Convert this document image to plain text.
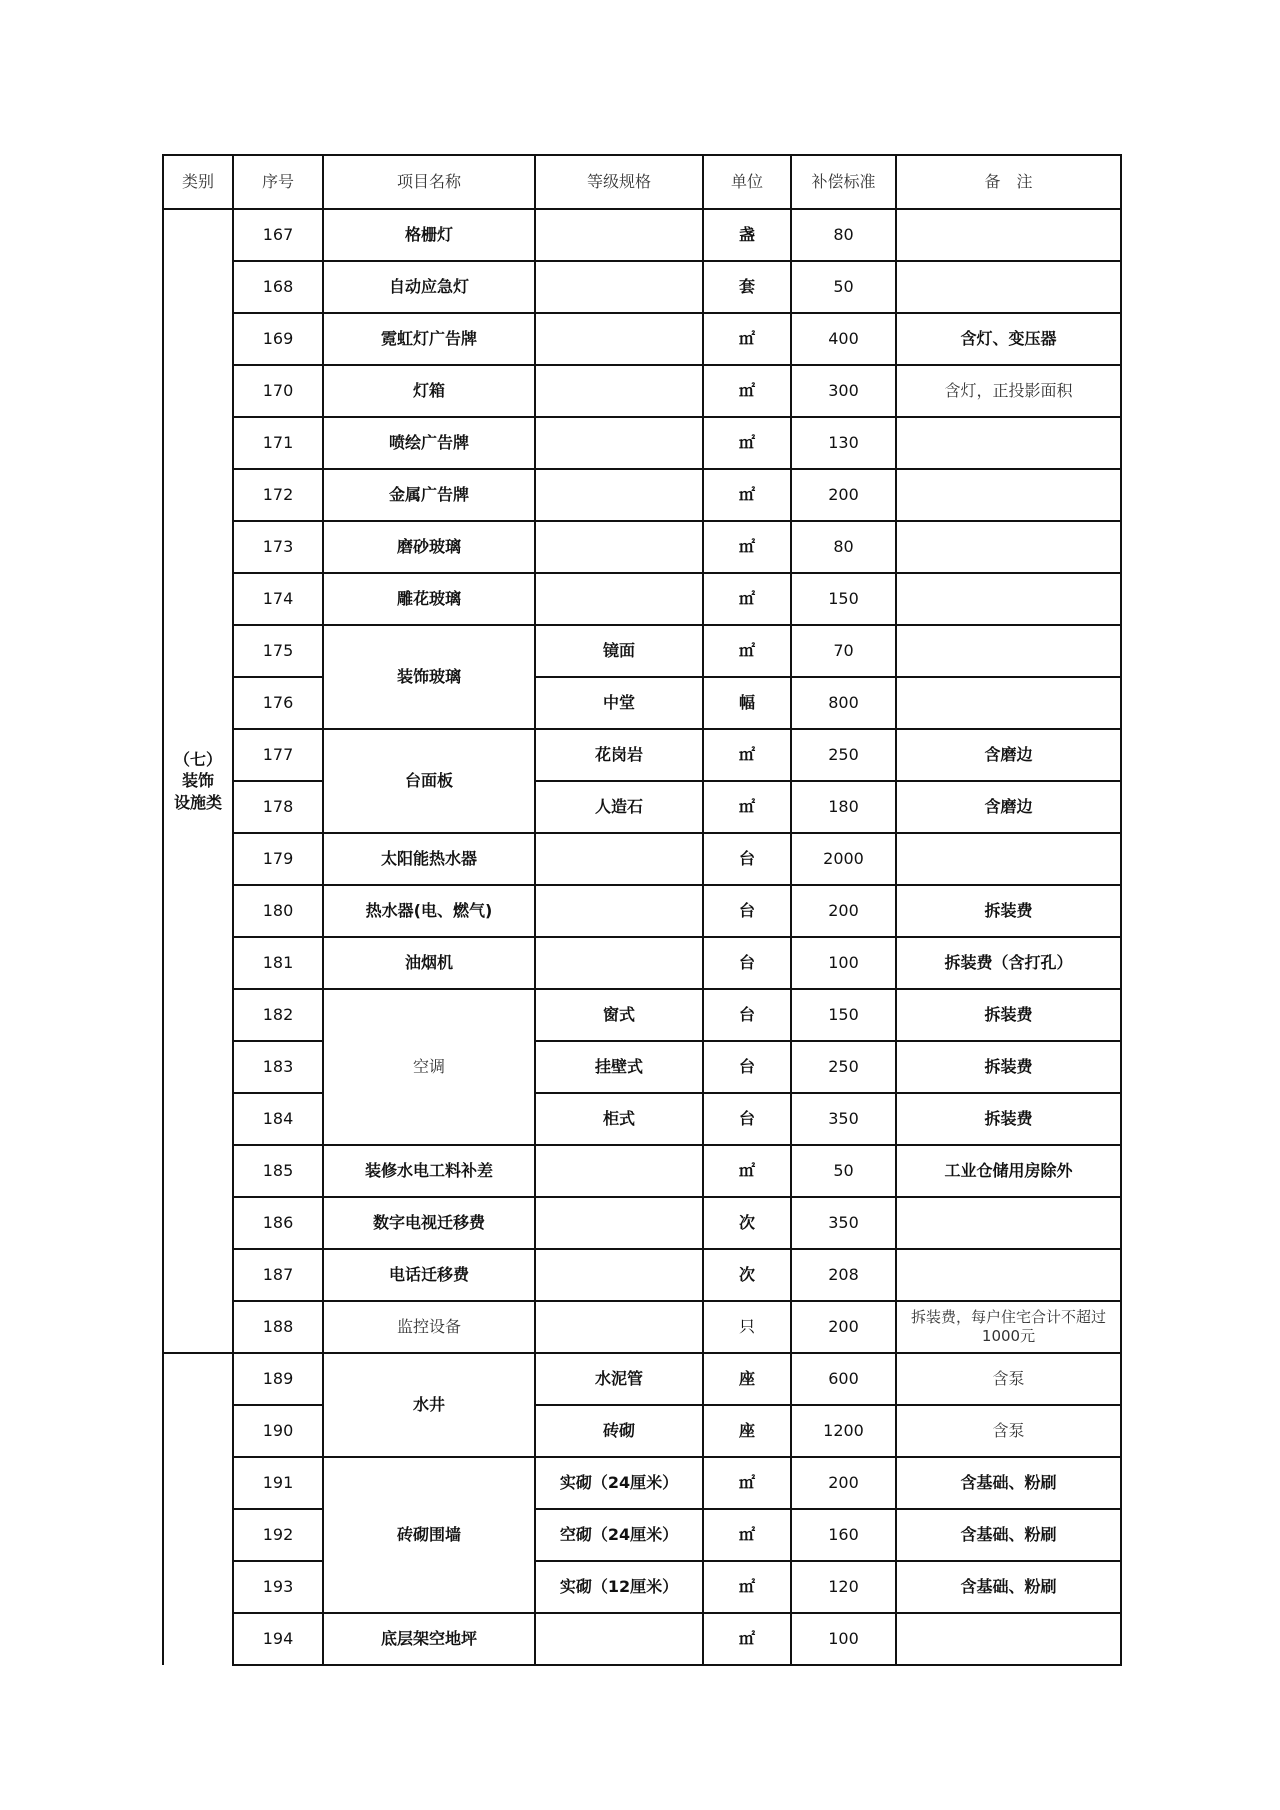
类别	序号	项目名称	等级规格	单位	补偿标准	备　注
（七）
装饰
设施类	167	格栅灯		盏	80	
	168	自动应急灯		套	50	
	169	霓虹灯广告牌		㎡	400	含灯、变压器
	170	灯箱		㎡	300	含灯，正投影面积
	171	喷绘广告牌		㎡	130	
	172	金属广告牌		㎡	200	
	173	磨砂玻璃		㎡	80	
	174	雕花玻璃		㎡	150	
	175	装饰玻璃	镜面	㎡	70	
	176		中堂	幅	800	
	177	台面板	花岗岩	㎡	250	含磨边
	178		人造石	㎡	180	含磨边
	179	太阳能热水器		台	2000	
	180	热水器(电、燃气)		台	200	拆装费
	181	油烟机		台	100	拆装费（含打孔）
	182	空调	窗式	台	150	拆装费
	183		挂壁式	台	250	拆装费
	184		柜式	台	350	拆装费
	185	装修水电工料补差		㎡	50	工业仓储用房除外
	186	数字电视迁移费		次	350	
	187	电话迁移费		次	208	
	188	监控设备		只	200	拆装费，每户住宅合计不超过1000元

	189	水井	水泥管	座	600	含泵
	190		砖砌	座	1200	含泵
	191	砖砌围墙	实砌（24厘米）	㎡	200	含基础、粉刷
	192		空砌（24厘米）	㎡	160	含基础、粉刷
	193		实砌（12厘米）	㎡	120	含基础、粉刷
	194	底层架空地坪		㎡	100	
